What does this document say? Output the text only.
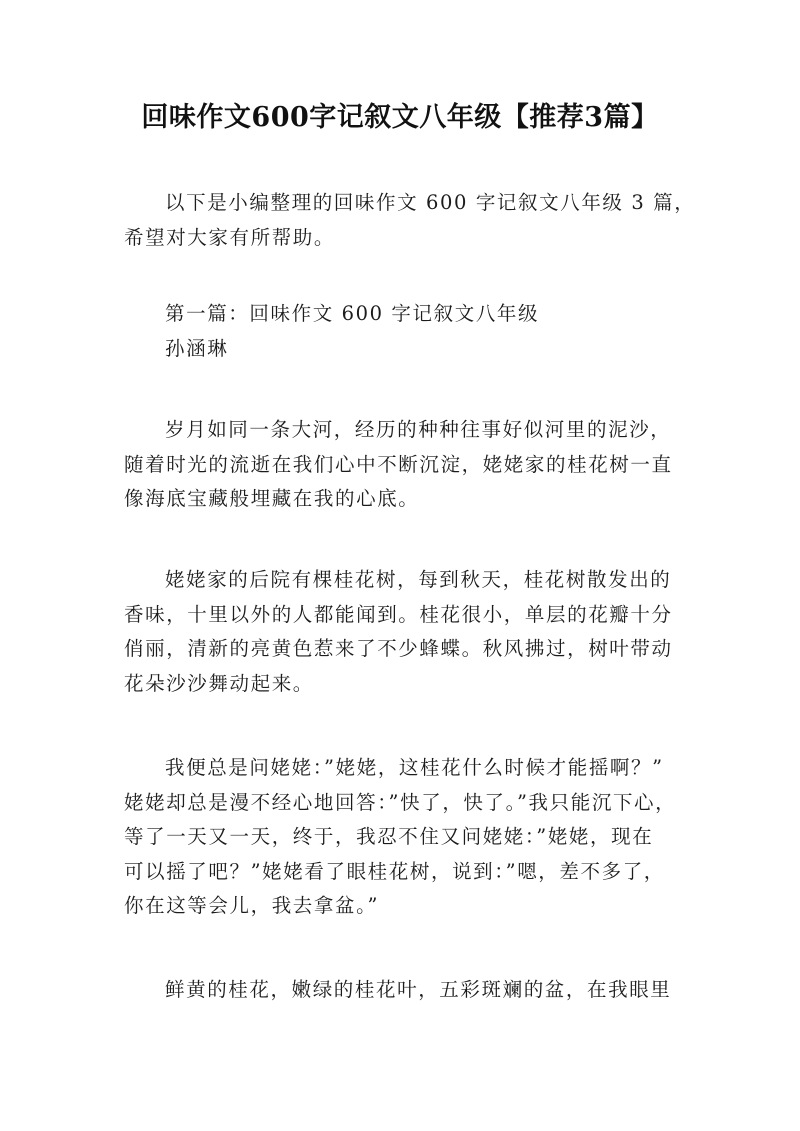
回味作文600字记叙文八年级【推荐3篇】
以下是小编整理的回味作文 600 字记叙文八年级 3 篇，
希望对大家有所帮助。
第一篇：回味作文 600 字记叙文八年级
孙涵琳
岁月如同一条大河，经历的种种往事好似河里的泥沙，
随着时光的流逝在我们心中不断沉淀，姥姥家的桂花树一直
像海底宝藏般埋藏在我的心底。
姥姥家的后院有棵桂花树，每到秋天，桂花树散发出的
香味，十里以外的人都能闻到。桂花很小，单层的花瓣十分
俏丽，清新的亮黄色惹来了不少蜂蝶。秋风拂过，树叶带动
花朵沙沙舞动起来。
我便总是问姥姥：”姥姥，这桂花什么时候才能摇啊？”
姥姥却总是漫不经心地回答：”快了，快了。”我只能沉下心，
等了一天又一天，终于，我忍不住又问姥姥：”姥姥，现在
可以摇了吧？”姥姥看了眼桂花树，说到：”嗯，差不多了，
你在这等会儿，我去拿盆。”
鲜黄的桂花，嫩绿的桂花叶，五彩斑斓的盆，在我眼里
